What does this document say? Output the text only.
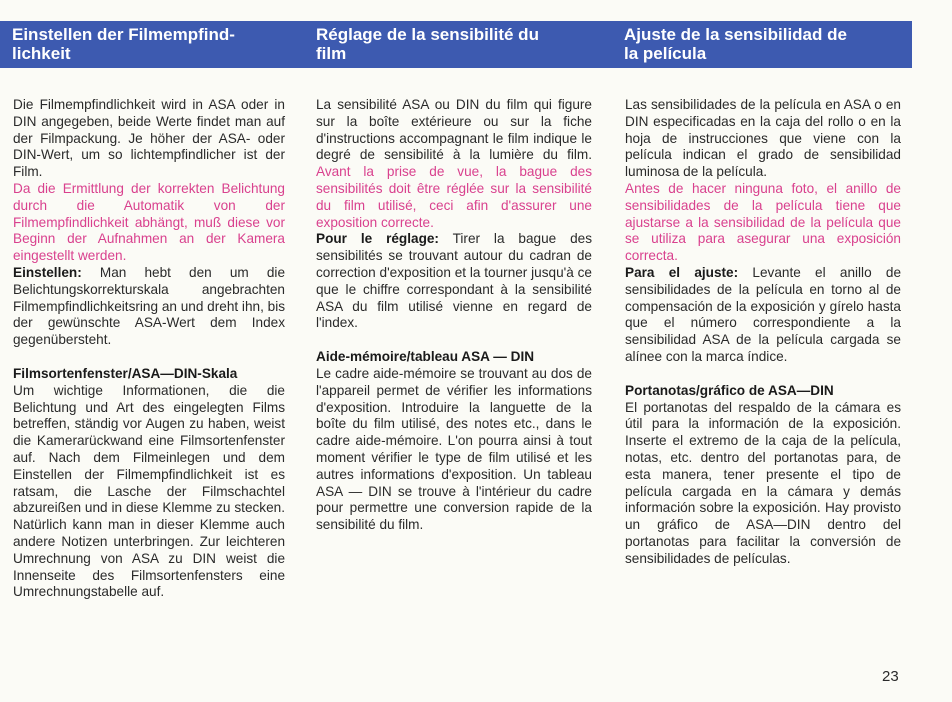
Einstellen der Filmempfind-
lichkeit
Réglage de la sensibilité du
film
Ajuste de la sensibilidad de
la película

Die Filmempfindlichkeit wird in ASA oder in DIN angegeben, beide Werte findet man auf der Filmpackung. Je höher der ASA- oder DIN-Wert, um so lichtempfindlicher ist der Film.

Da die Ermittlung der korrekten Belichtung durch die Automatik von der Filmempfindlichkeit abhängt, muß diese vor Beginn der Aufnahmen an der Kamera eingestellt werden.

Einstellen: Man hebt den um die Belichtungskorrekturskala angebrachten Filmempfindlichkeitsring an und dreht ihn, bis der gewünschte ASA-Wert dem Index gegenübersteht.

Filmsortenfenster/ASA—DIN-Skala

Um wichtige Informationen, die die Belichtung und Art des eingelegten Films betreffen, ständig vor Augen zu haben, weist die Kamerarückwand eine Filmsortenfenster auf. Nach dem Filmeinlegen und dem Einstellen der Filmempfindlichkeit ist es ratsam, die Lasche der Filmschachtel abzureißen und in diese Klemme zu stecken. Natürlich kann man in dieser Klemme auch andere Notizen unterbringen. Zur leichteren Umrechnung von ASA zu DIN weist die Innenseite des Filmsortenfensters eine Umrechnungstabelle auf.

La sensibilité ASA ou DIN du film qui figure sur la boîte extérieure ou sur la fiche d'instructions accompagnant le film indique le degré de sensibilité à la lumière du film. Avant la prise de vue, la bague des sensibilités doit être réglée sur la sensibilité du film utilisé, ceci afin d'assurer une exposition correcte.

Pour le réglage: Tirer la bague des sensibilités se trouvant autour du cadran de correction d'exposition et la tourner jusqu'à ce que le chiffre correspondant à la sensibilité ASA du film utilisé vienne en regard de l'index.

Aide-mémoire/tableau ASA — DIN

Le cadre aide-mémoire se trouvant au dos de l'appareil permet de vérifier les informations d'exposition. Introduire la languette de la boîte du film utilisé, des notes etc., dans le cadre aide-mémoire. L'on pourra ainsi à tout moment vérifier le type de film utilisé et les autres informations d'exposition. Un tableau ASA — DIN se trouve à l'intérieur du cadre pour permettre une conversion rapide de la sensibilité du film.

Las sensibilidades de la película en ASA o en DIN especificadas en la caja del rollo o en la hoja de instrucciones que viene con la película indican el grado de sensibilidad luminosa de la película.

Antes de hacer ninguna foto, el anillo de sensibilidades de la película tiene que ajustarse a la sensibilidad de la película que se utiliza para asegurar una exposición correcta.

Para el ajuste: Levante el anillo de sensibilidades de la película en torno al de compensación de la exposición y gírelo hasta que el número correspondiente a la sensibilidad ASA de la película cargada se alínee con la marca índice.

Portanotas/gráfico de ASA—DIN

El portanotas del respaldo de la cámara es útil para la información de la exposición. Inserte el extremo de la caja de la película, notas, etc. dentro del portanotas para, de esta manera, tener presente el tipo de película cargada en la cámara y demás información sobre la exposición. Hay provisto un gráfico de ASA—DIN dentro del portanotas para facilitar la conversión de sensibilidades de películas.

23
